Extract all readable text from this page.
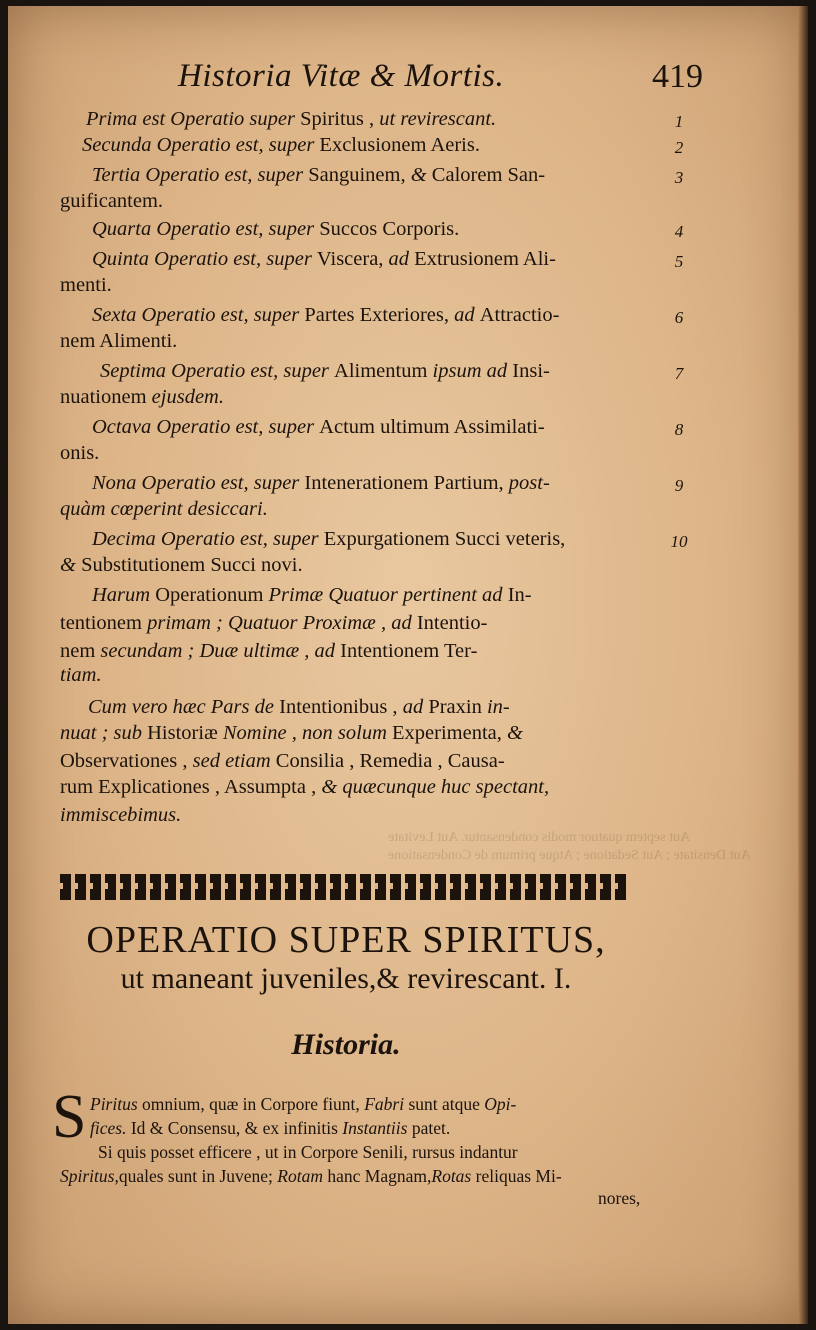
Aut septem quatuor modis condensantur. Aut Levitate
Aut Densitate ; Aut Sedatione ; Atque primum de Condensatione
Historia Vitæ & Mortis.	419
Prima est Operatio super Spiritus , ut revirescant.	1
Secunda Operatio est, super Exclusionem Aeris.	2
Tertia Operatio est, super Sanguinem, & Calorem San-	3
guificantem.
Quarta Operatio est, super Succos Corporis.	4
Quinta Operatio est, super Viscera, ad Extrusionem Ali-	5
menti.
Sexta Operatio est, super Partes Exteriores, ad Attractio-	6
nem Alimenti.
Septima Operatio est, super Alimentum ipsum ad Insi-	7
nuationem ejusdem.
Octava Operatio est, super Actum ultimum Assimilati-	8
onis.
Nona Operatio est, super Intenerationem Partium, post-	9
quàm cœperint desiccari.
Decima Operatio est, super Expurgationem Succi veteris,	10
& Substitutionem Succi novi.
Harum Operationum Primæ Quatuor pertinent ad In-
tentionem primam ; Quatuor Proximæ , ad Intentio-
nem secundam ; Duæ ultimæ , ad Intentionem Ter-
tiam.
Cum vero hæc Pars de Intentionibus , ad Praxin in-
nuat ; sub Historiæ Nomine , non solum Experimenta, &
Observationes , sed etiam Consilia , Remedia , Causa-
rum Explicationes , Assumpta , & quæcunque huc spectant,
immiscebimus.
OPERATIO SUPER SPIRITUS,
ut maneant juveniles,& revirescant. I.
Historia.
S Piritus omnium, quæ in Corpore fiunt, Fabri sunt atque Opi-
fices. Id & Consensu, & ex infinitis Instantiis patet.
Si quis posset efficere , ut in Corpore Senili, rursus indantur
Spiritus,quales sunt in Juvene; Rotam hanc Magnam,Rotas reliquas Mi-
nores,
